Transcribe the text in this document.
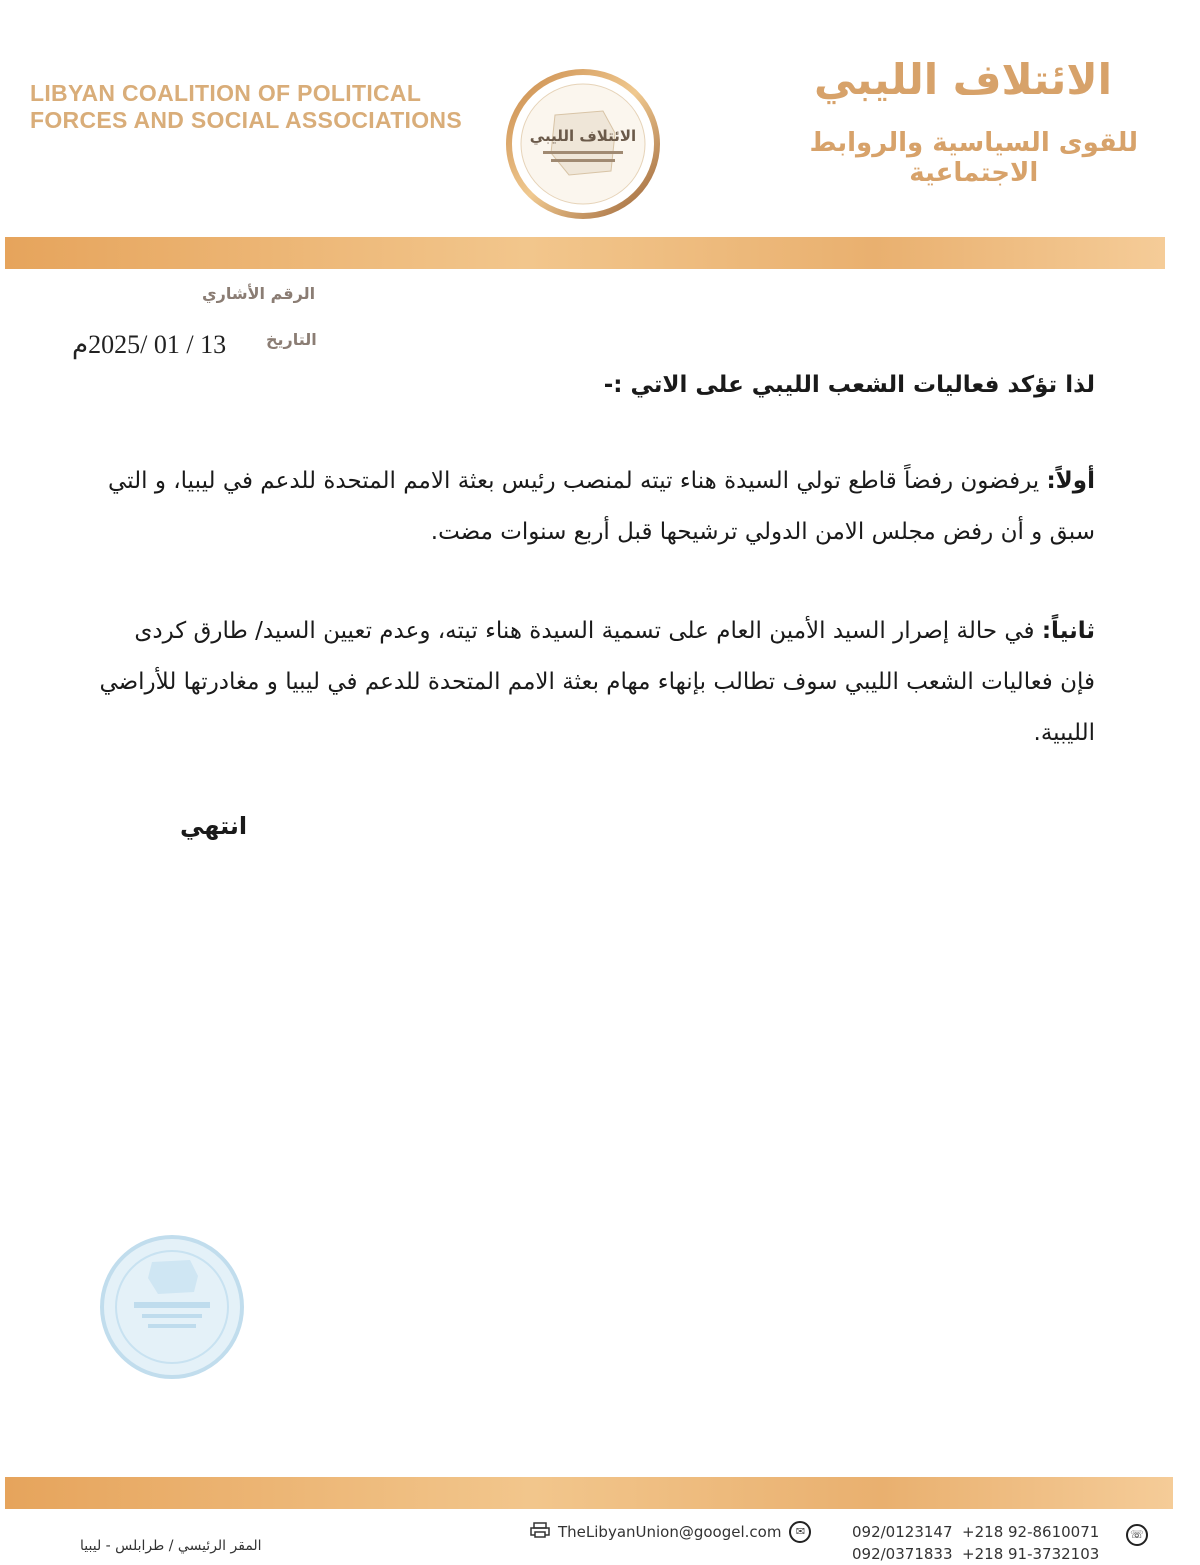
LIBYAN COALITION OF POLITICAL FORCES AND SOCIAL ASSOCIATIONS
الائتلاف الليبي
الائتلاف الليبي
للقوى السياسية والروابط
الاجتماعية
الرقم الأشاري
التاريخ
13 / 01 /2025م
لذا تؤكد فعاليات الشعب الليبي على الاتي :-
أولاً: يرفضون رفضاً قاطع تولي السيدة هناء تيته لمنصب رئيس بعثة الامم المتحدة للدعم في ليبيا، و التي سبق و أن رفض مجلس الامن الدولي ترشيحها قبل أربع سنوات مضت.
ثانياً: في حالة إصرار السيد الأمين العام على تسمية السيدة هناء تيته، وعدم تعيين السيد/ طارق كردى فإن فعاليات الشعب الليبي سوف تطالب بإنهاء مهام بعثة الامم المتحدة للدعم في ليبيا و مغادرتها للأراضي الليبية.
انتهي
المقر الرئيسي / طرابلس - ليبيا
TheLibyanUnion@googel.com	✉	092/0123147 +218 92-8610071
092/0371833 +218 91-3732103
☏
